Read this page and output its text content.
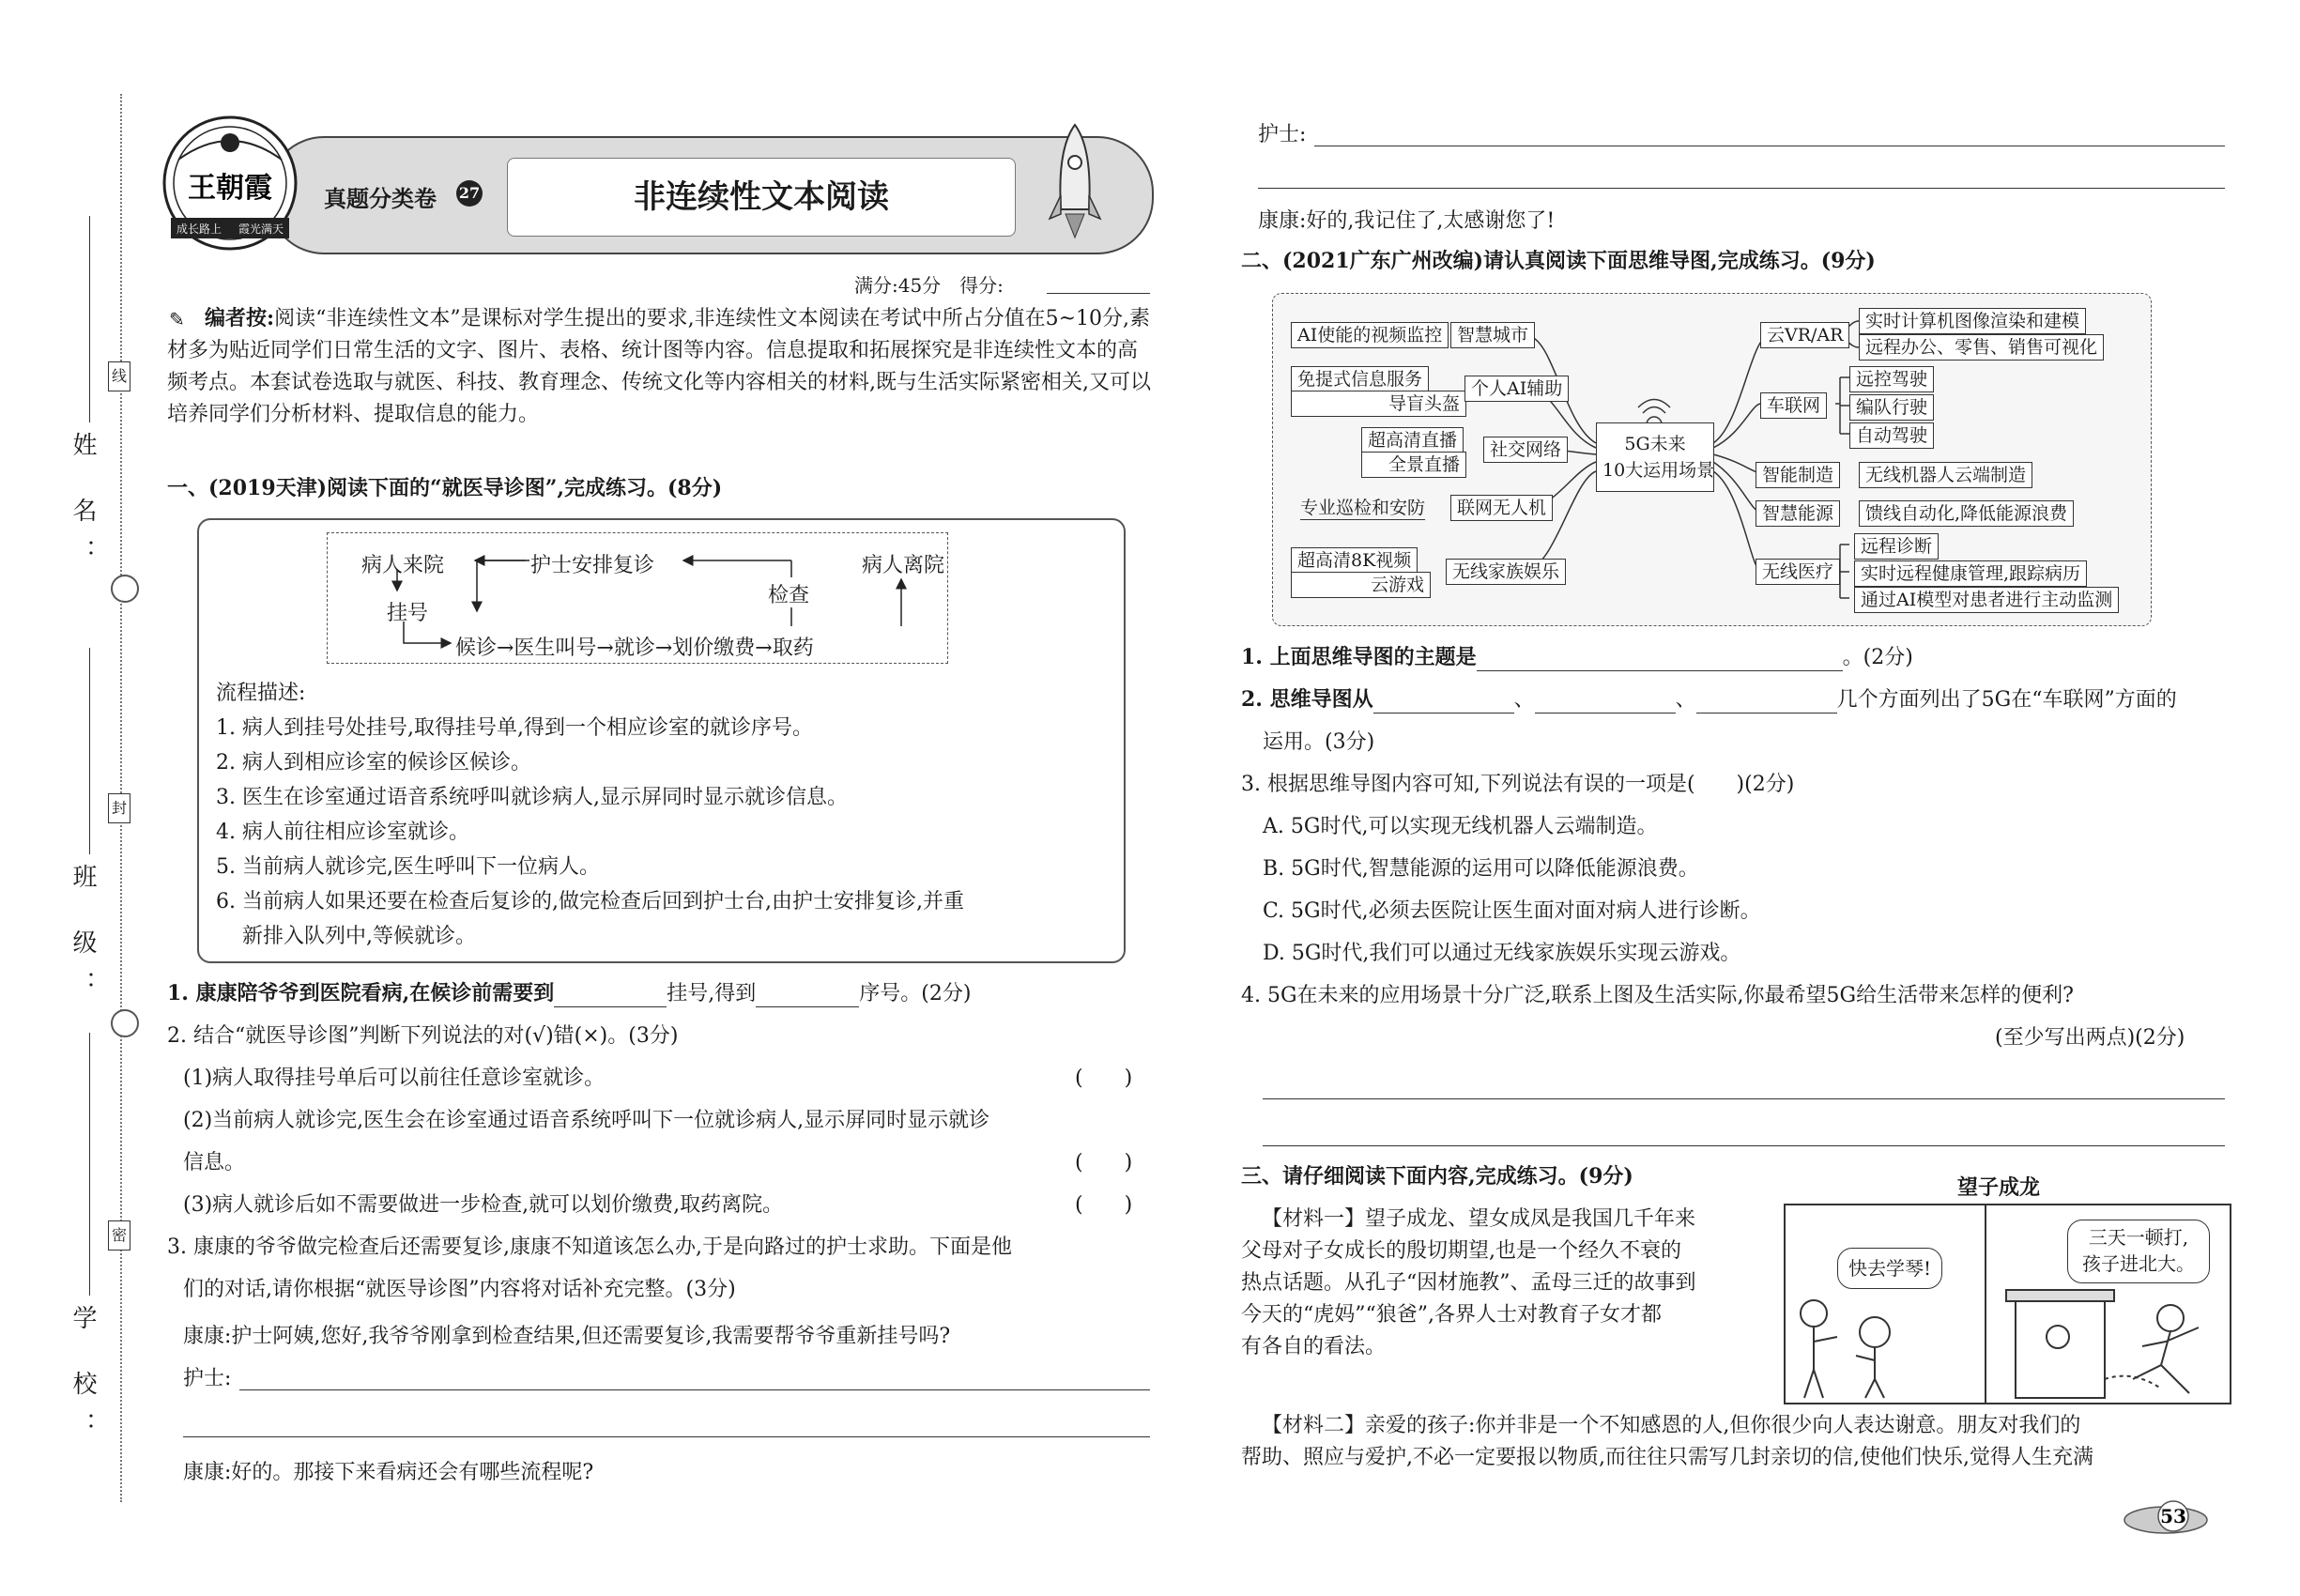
学 校：
班 级：
姓 名：
线
封
密
王朝霞
成长路上 霞光满天
真题分类卷 27	非连续性文本阅读
满分:45分　得分:
编者按:阅读“非连续性文本”是课标对学生提出的要求,非连续性文本阅读在考试中所占分值在5~10分,素材多为贴近同学们日常生活的文字、图片、表格、统计图等内容。信息提取和拓展探究是非连续性文本的高频考点。本套试卷选取与就医、科技、教育理念、传统文化等内容相关的材料,既与生活实际紧密相关,又可以培养同学们分析材料、提取信息的能力。
✎
一、(2019天津)阅读下面的“就医导诊图”,完成练习。(8分)
病人来院
挂号
护士安排复诊	病人离院
检查
候诊→医生叫号→就诊→划价缴费→取药
流程描述:
1. 病人到挂号处挂号,取得挂号单,得到一个相应诊室的就诊序号。
2. 病人到相应诊室的候诊区候诊。
3. 医生在诊室通过语音系统呼叫就诊病人,显示屏同时显示就诊信息。
4. 病人前往相应诊室就诊。
5. 当前病人就诊完,医生呼叫下一位病人。
6. 当前病人如果还要在检查后复诊的,做完检查后回到护士台,由护士安排复诊,并重
新排入队列中,等候就诊。
1. 康康陪爷爷到医院看病,在候诊前需要到	挂号,得到	序号。(2分)
2. 结合“就医导诊图”判断下列说法的对(√)错(×)。(3分)
(1)病人取得挂号单后可以前往任意诊室就诊。	(　　)
(2)当前病人就诊完,医生会在诊室通过语音系统呼叫下一位就诊病人,显示屏同时显示就诊
信息。	(　　)
(3)病人就诊后如不需要做进一步检查,就可以划价缴费,取药离院。	(　　)
3. 康康的爷爷做完检查后还需要复诊,康康不知道该怎么办,于是向路过的护士求助。下面是他
们的对话,请你根据“就医导诊图”内容将对话补充完整。(3分)
康康:护士阿姨,您好,我爷爷刚拿到检查结果,但还需要复诊,我需要帮爷爷重新挂号吗?
护士:
康康:好的。那接下来看病还会有哪些流程呢?
护士:
康康:好的,我记住了,太感谢您了!
二、(2021广东广州改编)请认真阅读下面思维导图,完成练习。(9分)
AI使能的视频监控 智慧城市
免提式信息服务
导盲头盔
个人AI辅助
超高清直播
全景直播
社交网络
联网无人机
专业巡检和安防
超高清8K视频
云游戏
无线家族娱乐
5G未来
10大运用场景
云VR/AR
实时计算机图像渲染和建模
远程办公、零售、销售可视化
车联网
远控驾驶
编队行驶
自动驾驶
智能制造	无线机器人云端制造
智慧能源	馈线自动化,降低能源浪费
无线医疗
远程诊断
实时远程健康管理,跟踪病历
通过AI模型对患者进行主动监测
1. 上面思维导图的主题是	。(2分)
2. 思维导图从	、	、	几个方面列出了5G在“车联网”方面的
运用。(3分)
3. 根据思维导图内容可知,下列说法有误的一项是(　　)(2分)
A. 5G时代,可以实现无线机器人云端制造。
B. 5G时代,智慧能源的运用可以降低能源浪费。
C. 5G时代,必须去医院让医生面对面对病人进行诊断。
D. 5G时代,我们可以通过无线家族娱乐实现云游戏。
4. 5G在未来的应用场景十分广泛,联系上图及生活实际,你最希望5G给生活带来怎样的便利?
(至少写出两点)(2分)
三、请仔细阅读下面内容,完成练习。(9分)	望子成龙
【材料一】望子成龙、望女成凤是我国几千年来
父母对子女成长的殷切期望,也是一个经久不衰的
热点话题。从孔子“因材施教”、孟母三迁的故事到
今天的“虎妈”“狼爸”,各界人士对教育子女才都
有各自的看法。
快去学琴!
三天一顿打,
孩子进北大。
【材料二】亲爱的孩子:你并非是一个不知感恩的人,但你很少向人表达谢意。朋友对我们的
帮助、照应与爱护,不必一定要报以物质,而往往只需写几封亲切的信,使他们快乐,觉得人生充满
53
